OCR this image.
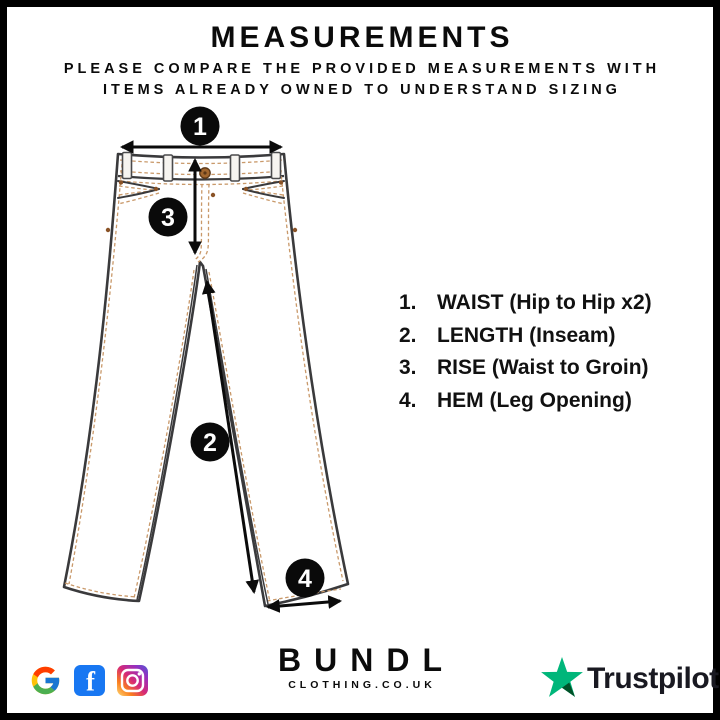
MEASUREMENTS
PLEASE COMPARE THE PROVIDED MEASUREMENTS WITH
ITEMS ALREADY OWNED TO UNDERSTAND SIZING
1
3
2
4
1. WAIST (Hip to Hip x2)
2. LENGTH (Inseam)
3. RISE (Waist to Groin)
4. HEM (Leg Opening)
f
BUNDL
CLOTHING.CO.UK	Trustpilot
